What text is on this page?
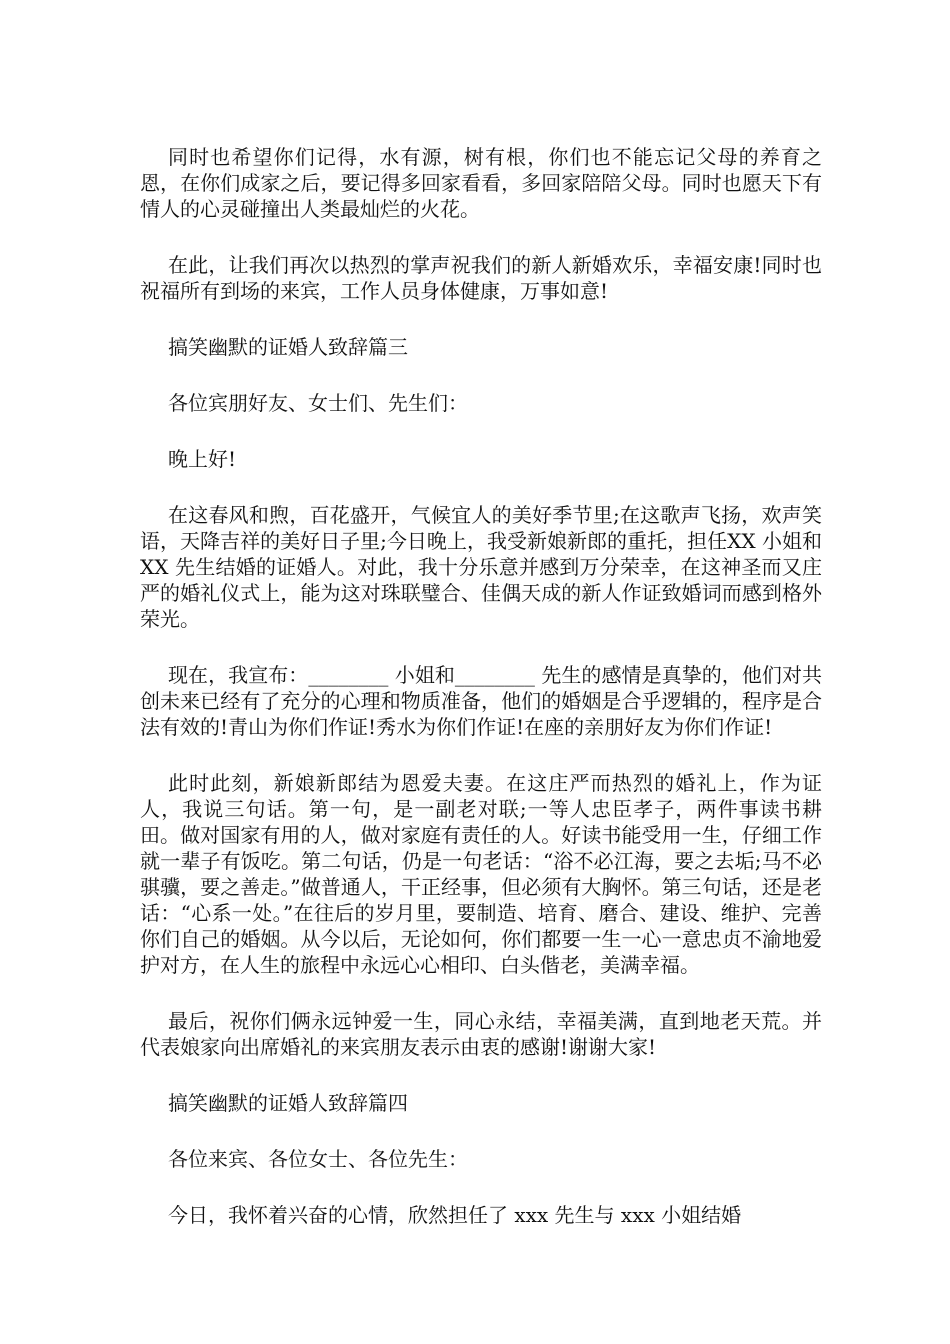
同时也希望你们记得，水有源，树有根，你们也不能忘记父母的养育之恩，在你们成家之后，要记得多回家看看，多回家陪陪父母。同时也愿天下有情人的心灵碰撞出人类最灿烂的火花。

在此，让我们再次以热烈的掌声祝我们的新人新婚欢乐，幸福安康!同时也祝福所有到场的来宾，工作人员身体健康，万事如意!

搞笑幽默的证婚人致辞篇三

各位宾朋好友、女士们、先生们：

晚上好!

在这春风和煦，百花盛开，气候宜人的美好季节里;在这歌声飞扬，欢声笑语，天降吉祥的美好日子里;今日晚上，我受新娘新郎的重托，担任XX 小姐和XX 先生结婚的证婚人。对此，我十分乐意并感到万分荣幸，在这神圣而又庄严的婚礼仪式上，能为这对珠联璧合、佳偶天成的新人作证致婚词而感到格外荣光。

现在，我宣布：________ 小姐和________ 先生的感情是真挚的，他们对共创未来已经有了充分的心理和物质准备，他们的婚姻是合乎逻辑的，程序是合法有效的!青山为你们作证!秀水为你们作证!在座的亲朋好友为你们作证!

此时此刻，新娘新郎结为恩爱夫妻。在这庄严而热烈的婚礼上，作为证人，我说三句话。第一句，是一副老对联;一等人忠臣孝子，两件事读书耕田。做对国家有用的人，做对家庭有责任的人。好读书能受用一生，仔细工作就一辈子有饭吃。第二句话，仍是一句老话：“浴不必江海，要之去垢;马不必骐骥，要之善走。”做普通人，干正经事，但必须有大胸怀。第三句话，还是老话：“心系一处。”在往后的岁月里，要制造、培育、磨合、建设、维护、完善你们自己的婚姻。从今以后，无论如何，你们都要一生一心一意忠贞不渝地爱护对方，在人生的旅程中永远心心相印、白头偕老，美满幸福。

最后，祝你们俩永远钟爱一生，同心永结，幸福美满，直到地老天荒。并代表娘家向出席婚礼的来宾朋友表示由衷的感谢!谢谢大家!

搞笑幽默的证婚人致辞篇四

各位来宾、各位女士、各位先生：

今日，我怀着兴奋的心情，欣然担任了 xxx 先生与 xxx 小姐结婚
